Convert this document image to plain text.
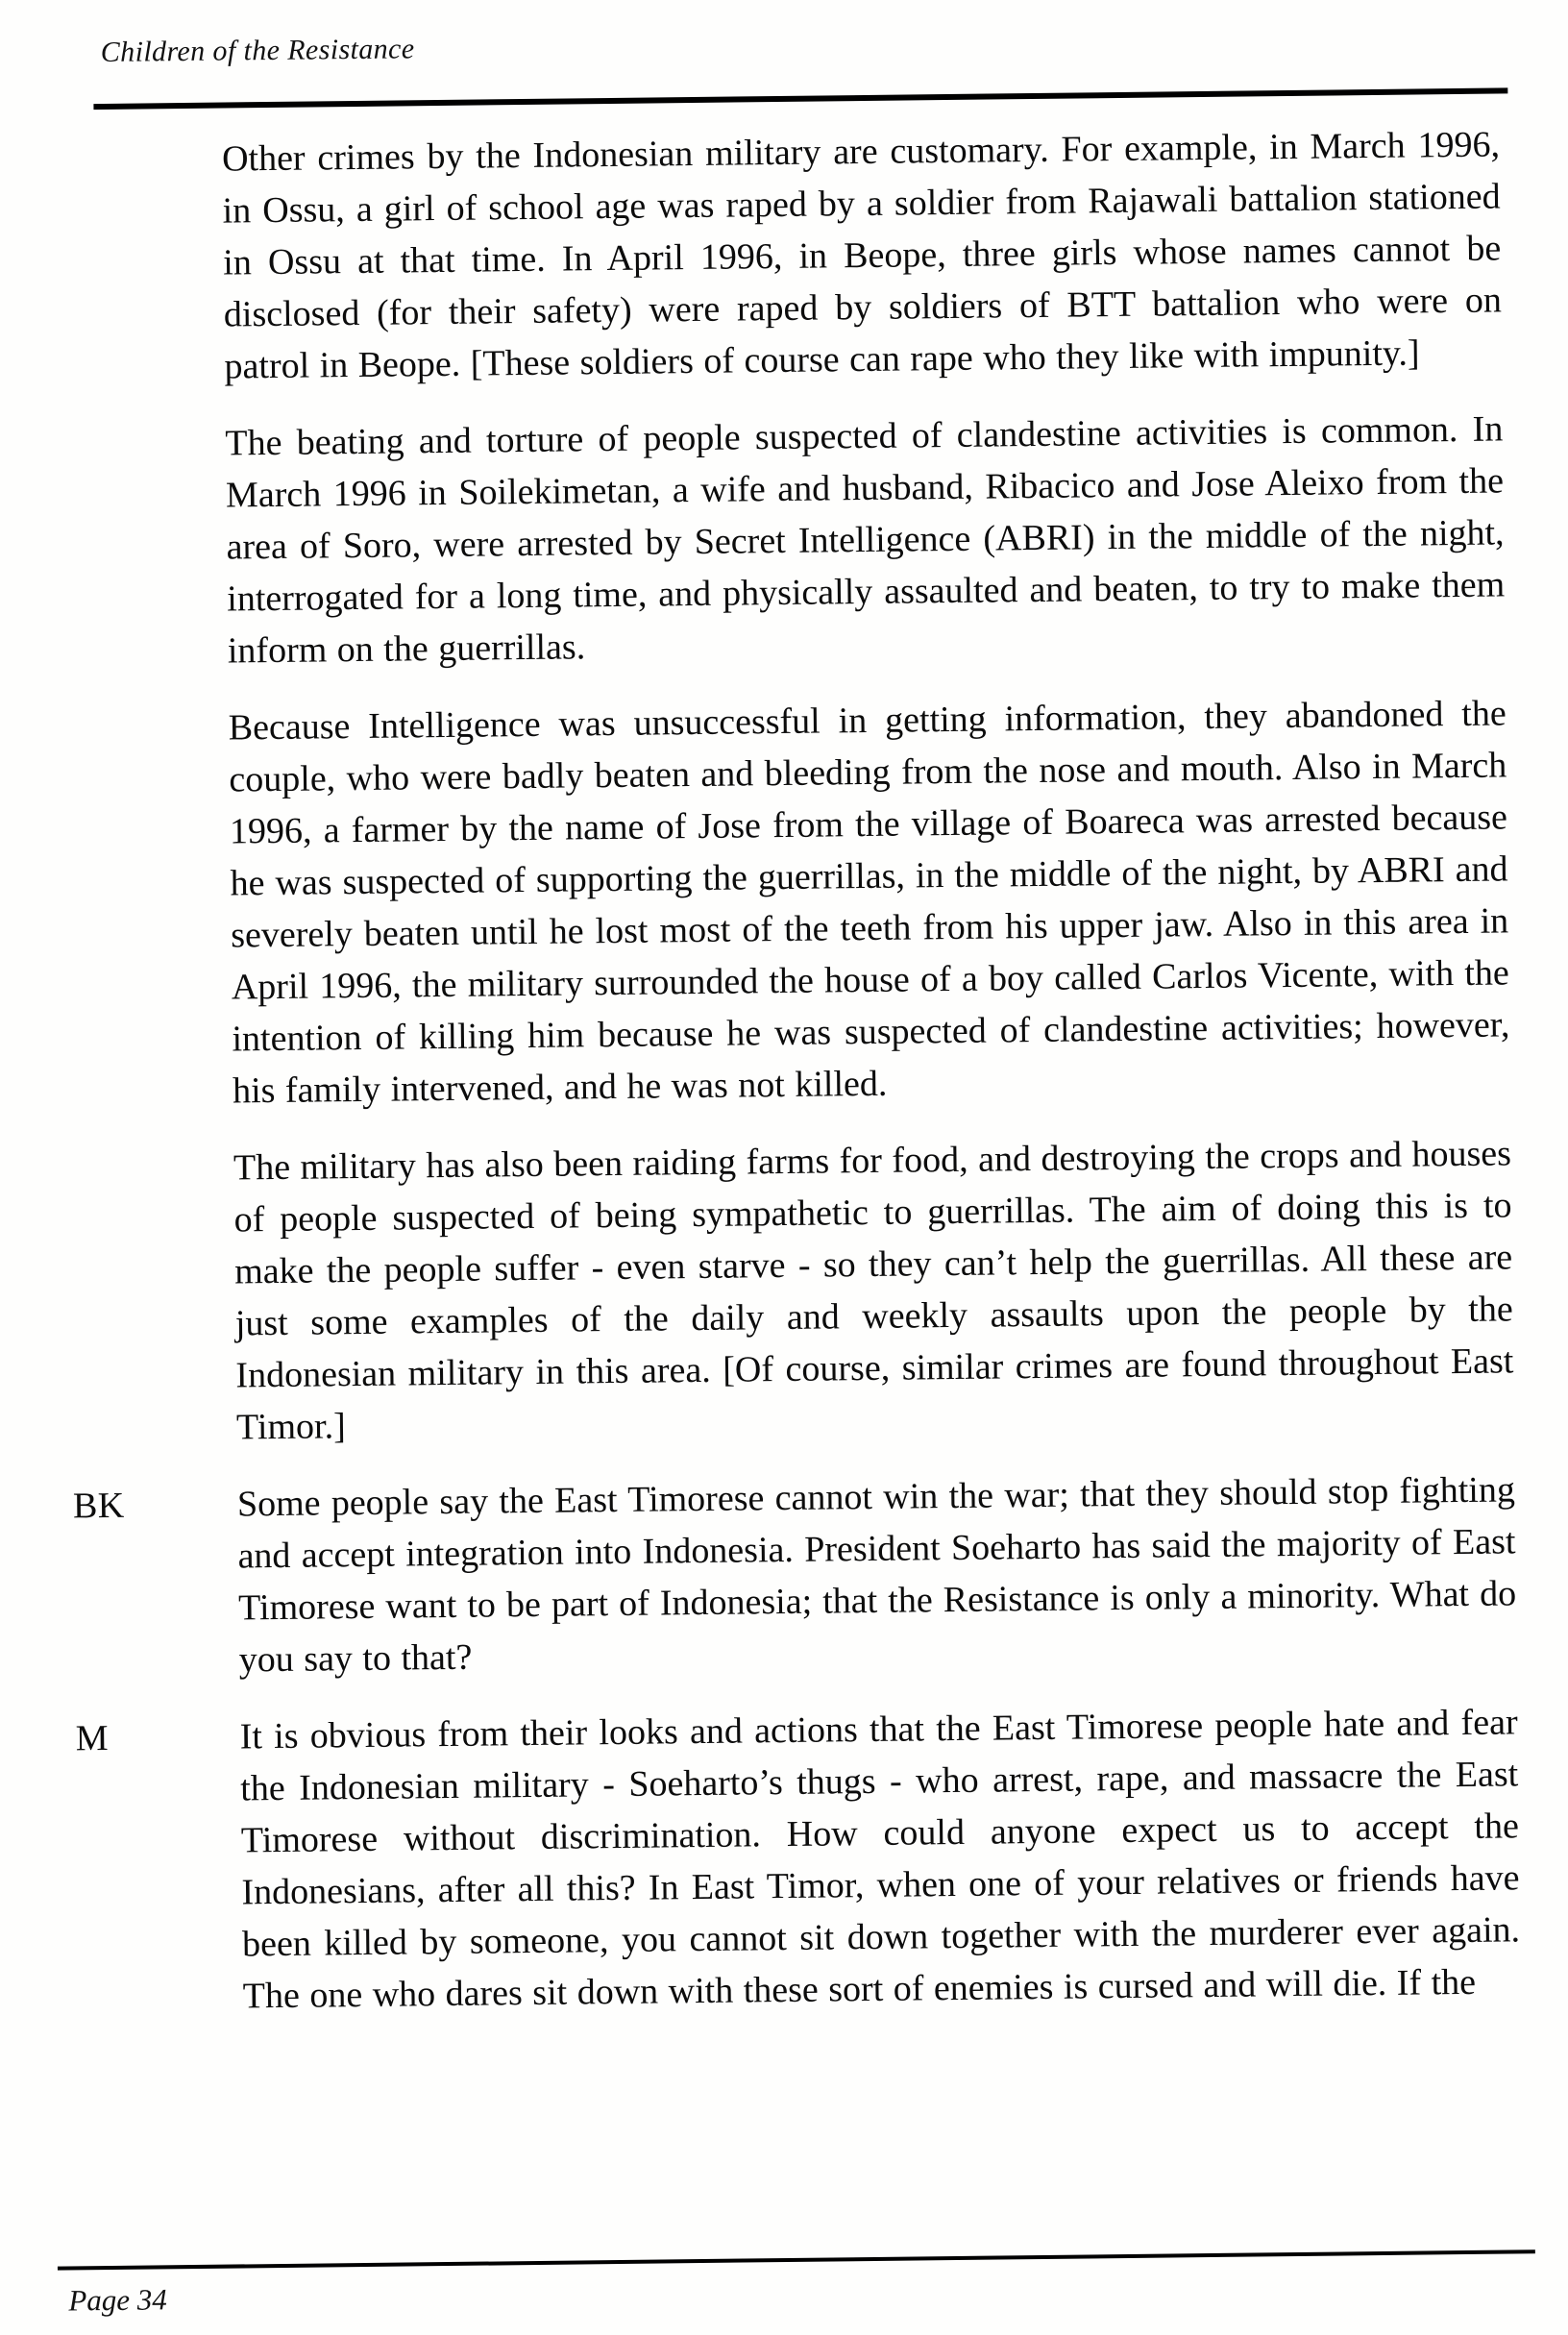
Children of the Resistance
Other crimes by the Indonesian military are customary. For example, in March 1996, in Ossu, a girl of school age was raped by a soldier from Rajawali battalion stationed in Ossu at that time. In April 1996, in Beope, three girls whose names cannot be disclosed (for their safety) were raped by soldiers of BTT battalion who were on patrol in Beope. [These soldiers of course can rape who they like with impunity.]
The beating and torture of people suspected of clandestine activities is common. In March 1996 in Soilekimetan, a wife and husband, Ribacico and Jose Aleixo from the area of Soro, were arrested by Secret Intelligence (ABRI) in the middle of the night, interrogated for a long time, and physically assaulted and beaten, to try to make them inform on the guerrillas.
Because Intelligence was unsuccessful in getting information, they abandoned the couple, who were badly beaten and bleeding from the nose and mouth. Also in March 1996, a farmer by the name of Jose from the village of Boareca was arrested because he was suspected of supporting the guerrillas, in the middle of the night, by ABRI and severely beaten until he lost most of the teeth from his upper jaw. Also in this area in April 1996, the military surrounded the house of a boy called Carlos Vicente, with the intention of killing him because he was suspected of clandestine activities; however, his family intervened, and he was not killed.
The military has also been raiding farms for food, and destroying the crops and houses of people suspected of being sympathetic to guerrillas. The aim of doing this is to make the people suffer - even starve - so they can’t help the guerrillas. All these are just some examples of the daily and weekly assaults upon the people by the Indonesian military in this area. [Of course, similar crimes are found throughout East Timor.]
BK	Some people say the East Timorese cannot win the war; that they should stop fighting and accept integration into Indonesia. President Soeharto has said the majority of East Timorese want to be part of Indonesia; that the Resistance is only a minority. What do you say to that?
M	It is obvious from their looks and actions that the East Timorese people hate and fear the Indonesian military - Soeharto’s thugs - who arrest, rape, and massacre the East Timorese without discrimination. How could anyone expect us to accept the Indonesians, after all this? In East Timor, when one of your relatives or friends have been killed by someone, you cannot sit down together with the murderer ever again. The one who dares sit down with these sort of enemies is cursed and will die. If the
Page 34
